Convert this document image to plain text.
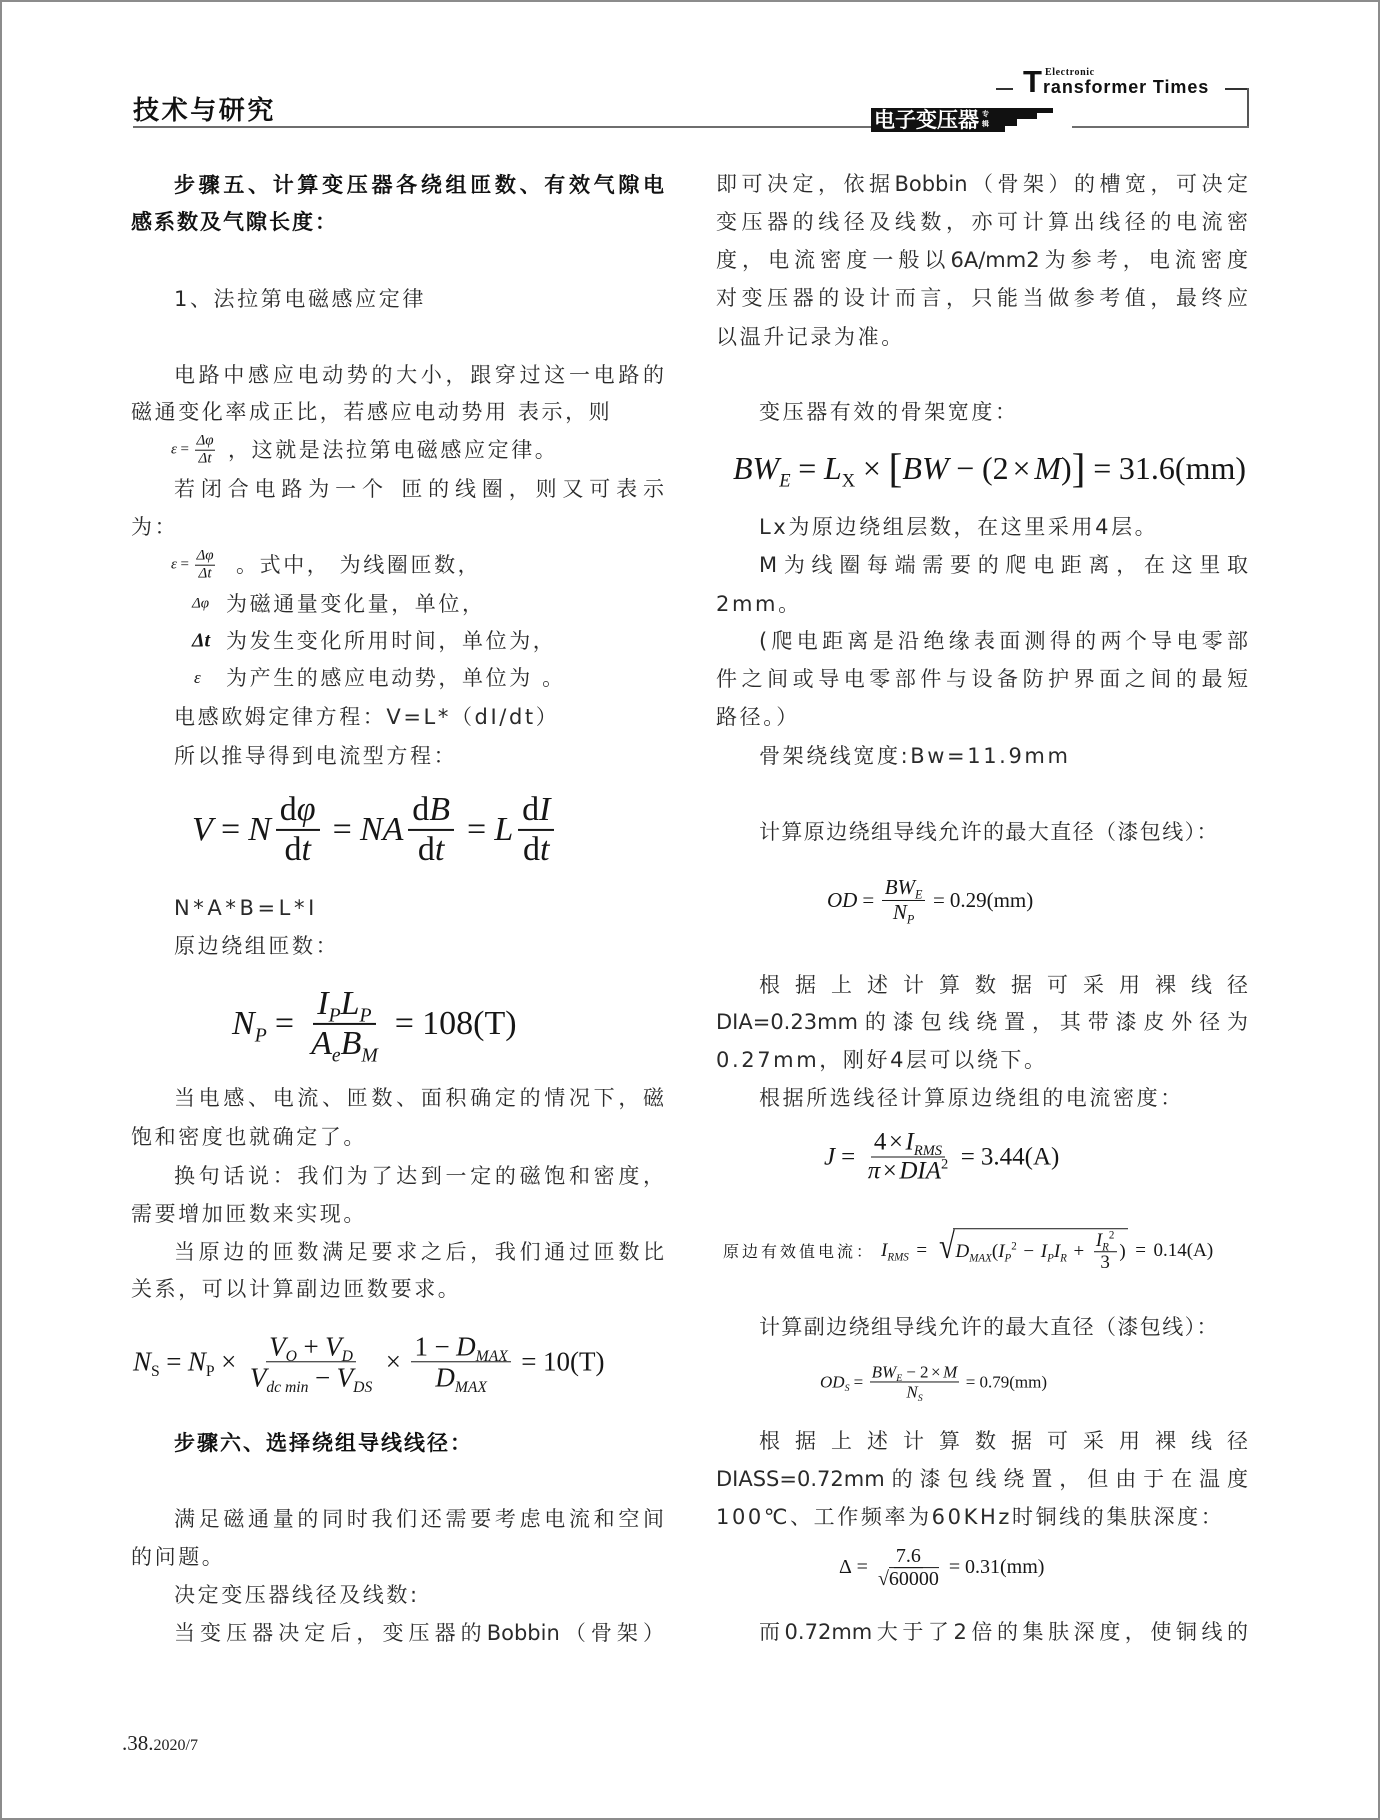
技术与研究	电子变压器 专
辑
T Electronic
ransformer Times
步骤五、计算变压器各绕组匝数、有效气隙电
感系数及气隙长度：
1、法拉第电磁感应定律
电路中感应电动势的大小，跟穿过这一电路的
磁通变化率成正比，若感应电动势用 表示，则
$\varepsilon = \frac{\Delta\varphi}{\Delta t}$ ，这就是法拉第电磁感应定律。
若闭合电路为一个 匝的线圈，则又可表示
为：
$\varepsilon = \frac{\Delta\varphi}{\Delta t}$ 。式中， 为线圈匝数，
Δφ 为磁通量变化量，单位，
Δt 为发生变化所用时间，单位为，
ε 为产生的感应电动势，单位为 。
电感欧姆定律方程：V=L*（dI/dt）
所以推导得到电流型方程：
V = N $\frac{d\varphi}{dt}$ = NA $\frac{dB}{dt} = L \frac{dI}{dt}$
N*A*B=L*I
原边绕组匝数：
$N_P = \frac{I_PL_P}{A_eB_M} = 108(T)$
当电感、电流、匝数、面积确定的情况下，磁
饱和密度也就确定了。
换句话说：我们为了达到一定的磁饱和密度，
需要增加匝数来实现。
当原边的匝数满足要求之后，我们通过匝数比
关系，可以计算副边匝数要求。
$N_S = N_P \times \frac{V_O + V_D}{V_{dc min} - V_{DS}} \times \frac{1 - D_{MAX}}{D_{MAX}} = 10(T)$
步骤六、选择绕组导线线径：
满足磁通量的同时我们还需要考虑电流和空间
的问题。
决定变压器线径及线数:
当变压器决定后，变压器的Bobbin（骨架）
即可决定，依据Bobbin（骨架）的槽宽，可决定
变压器的线径及线数，亦可计算出线径的电流密
度，电流密度一般以6A/mm2为参考，电流密度
对变压器的设计而言，只能当做参考值，最终应
以温升记录为准。
变压器有效的骨架宽度：
$BW_E = L_X$ × [ BW − ( 2 × M ) ] = 31.6(mm)
Lx为原边绕组层数，在这里采用4层。
M为线圈每端需要的爬电距离，在这里取
2mm。
(爬电距离是沿绝缘表面测得的两个导电零部
件之间或导电零部件与设备防护界面之间的最短
路径。）
骨架绕线宽度:Bw=11.9mm
计算原边绕组导线允许的最大直径（漆包线）：
OD = $\frac{BW_E}{N_P} = 0.29(mm)$
根据上述计算数据可采用裸线径
DIA=0.23mm的漆包线绕置，其带漆皮外径为
0.27mm，刚好4层可以绕下。
根据所选线径计算原边绕组的电流密度：
$J = \frac{4 \times I_{RMS}}{\pi \times DIA^2} = 3.44(A)$
原边有效值电流： $I_{RMS}$ = √ $D_{MAX}$ ( $I_P^2 - I_P$ $I_R + \frac{I_R^2}{3}$ ) = 0.14(A)
计算副边绕组导线允许的最大直径（漆包线）：
$OD_S = \frac{BW_E - 2 \times M}{N_S} = 0.79(mm)$
根据上述计算数据可采用裸线径
DIASS=0.72mm的漆包线绕置，但由于在温度
100℃、工作频率为60KHz时铜线的集肤深度：
$\Delta = \frac{7.6}{√60000} = 0.31(mm)$
而0.72mm大于了2倍的集肤深度，使铜线的
.38.2020/7
